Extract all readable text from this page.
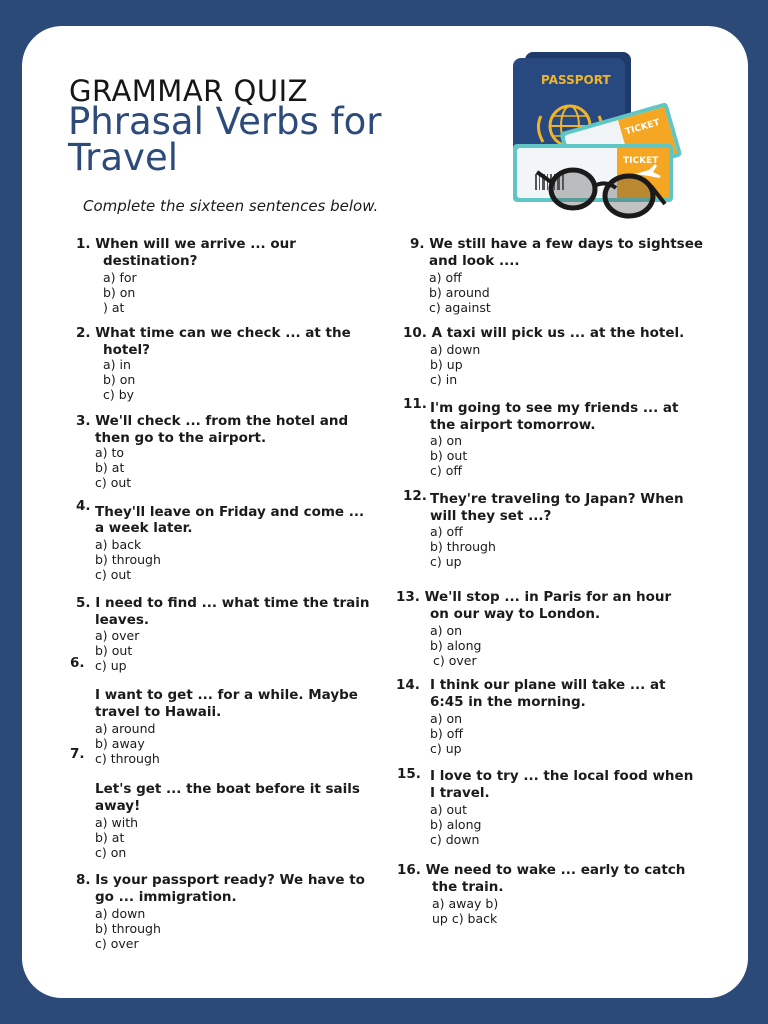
GRAMMAR QUIZ
Phrasal Verbs for Travel

Complete the sixteen sentences below.

PASSPORT
TICKET
TICKET
1. When will we arrive ... our
destination?
a) for
b) on
) at
2. What time can we check ... at the
hotel?
a) in
b) on
c) by
3. We'll check ... from the hotel and
then go to the airport.
a) to
b) at
c) out
4. They'll leave on Friday and come ...
a week later.
a) back
b) through
c) out
5. I need to find ... what time the train
leaves.
a) over
b) out
c) up
6.
I want to get ... for a while. Maybe
travel to Hawaii.
a) around
b) away
c) through
7.
Let's get ... the boat before it sails
away!
a) with
b) at
c) on
8. Is your passport ready? We have to
go ... immigration.
a) down
b) through
c) over
9. We still have a few days to sightsee
and look ....
a) off
b) around
c) against
10. A taxi will pick us ... at the hotel.
a) down
b) up
c) in
11. I'm going to see my friends ... at
the airport tomorrow.
a) on
b) out
c) off
12. They're traveling to Japan? When
will they set ...?
a) off
b) through
c) up
13. We'll stop ... in Paris for an hour
on our way to London.
a) on
b) along
c) over
14. I think our plane will take ... at
6:45 in the morning.
a) on
b) off
c) up
15. I love to try ... the local food when
I travel.
a) out
b) along
c) down
16. We need to wake ... early to catch
the train.
a) away b)
up c) back
